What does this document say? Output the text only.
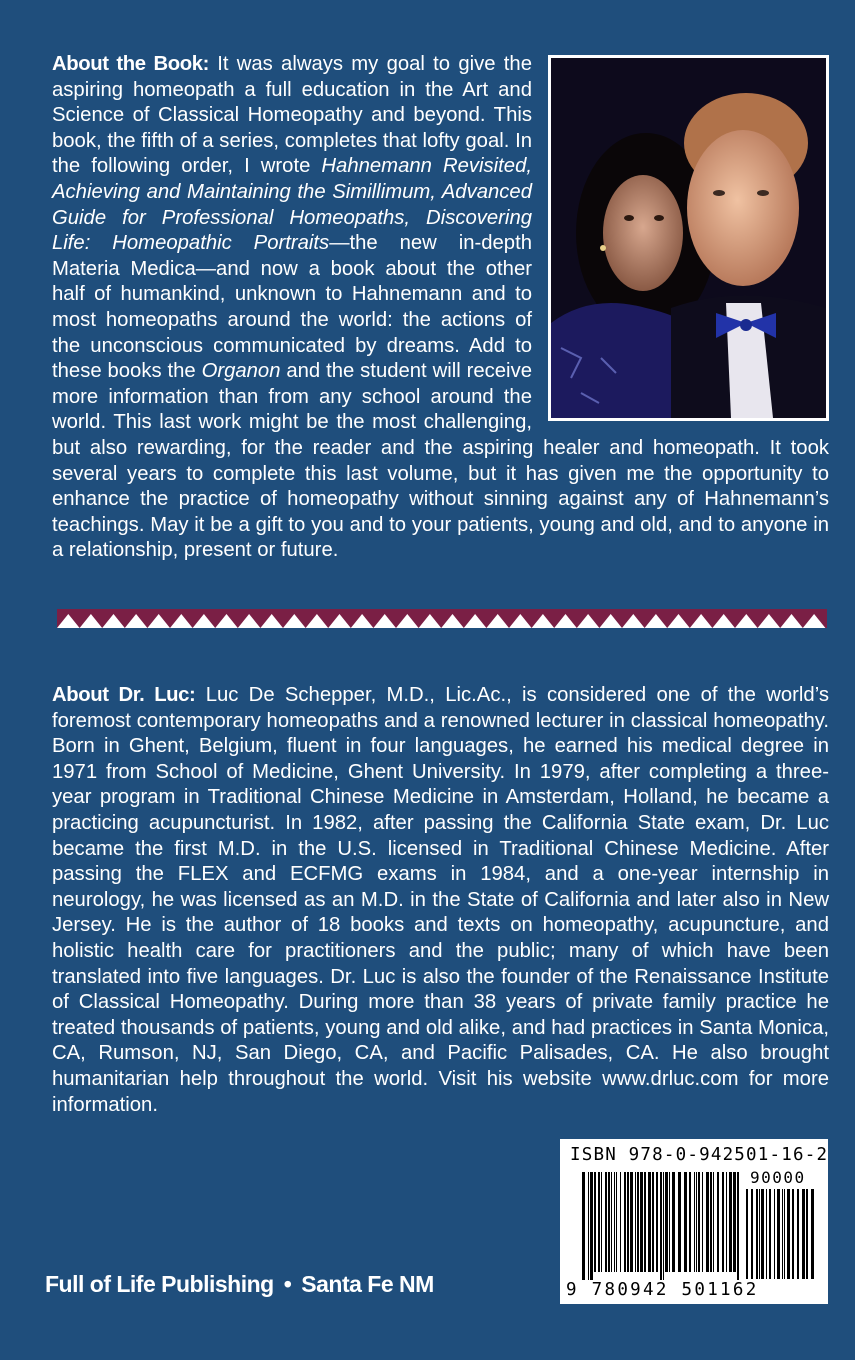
About the Book: It was always my goal to give the aspiring homeopath a full education in the Art and Science of Classical Homeopathy and beyond. This book, the fifth of a series, completes that lofty goal. In the following order, I wrote Hahnemann Revisited, Achieving and Maintaining the Simillimum, Advanced Guide for Professional Homeopaths, Discovering Life: Homeopathic Portraits—the new in-depth Materia Medica—and now a book about the other half of humankind, unknown to Hahnemann and to most homeopaths around the world: the actions of the unconscious communicated by dreams. Add to these books the Organon and the student will receive more information than from any school around the world. This last work might be the most challenging, but also rewarding, for the reader and the aspiring healer and homeopath. It took several years to complete this last volume, but it has given me the opportunity to enhance the practice of homeopathy without sinning against any of Hahnemann’s teachings. May it be a gift to you and to your patients, young and old, and to anyone in a relationship, present or future.

About Dr. Luc: Luc De Schepper, M.D., Lic.Ac., is considered one of the world’s foremost contemporary homeopaths and a renowned lecturer in classical homeopathy. Born in Ghent, Belgium, fluent in four languages, he earned his medical degree in 1971 from School of Medicine, Ghent University. In 1979, after completing a three-year program in Traditional Chinese Medicine in Amsterdam, Holland, he became a practicing acupuncturist. In 1982, after passing the California State exam, Dr. Luc became the first M.D. in the U.S. licensed in Traditional Chinese Medicine. After passing the FLEX and ECFMG exams in 1984, and a one-year internship in neurology, he was licensed as an M.D. in the State of California and later also in New Jersey. He is the author of 18 books and texts on homeopathy, acupuncture, and holistic health care for practitioners and the public; many of which have been translated into five languages. Dr. Luc is also the founder of the Renaissance Institute of Classical Homeopathy. During more than 38 years of private family practice he treated thousands of patients, young and old alike, and had practices in Santa Monica, CA, Rumson, NJ, San Diego, CA, and Pacific Palisades, CA. He also brought humanitarian help throughout the world. Visit his website www.drluc.com for more information.

Full of Life Publishing • Santa Fe NM
ISBN 978-0-942501-16-2
90000
9 780942 501162
